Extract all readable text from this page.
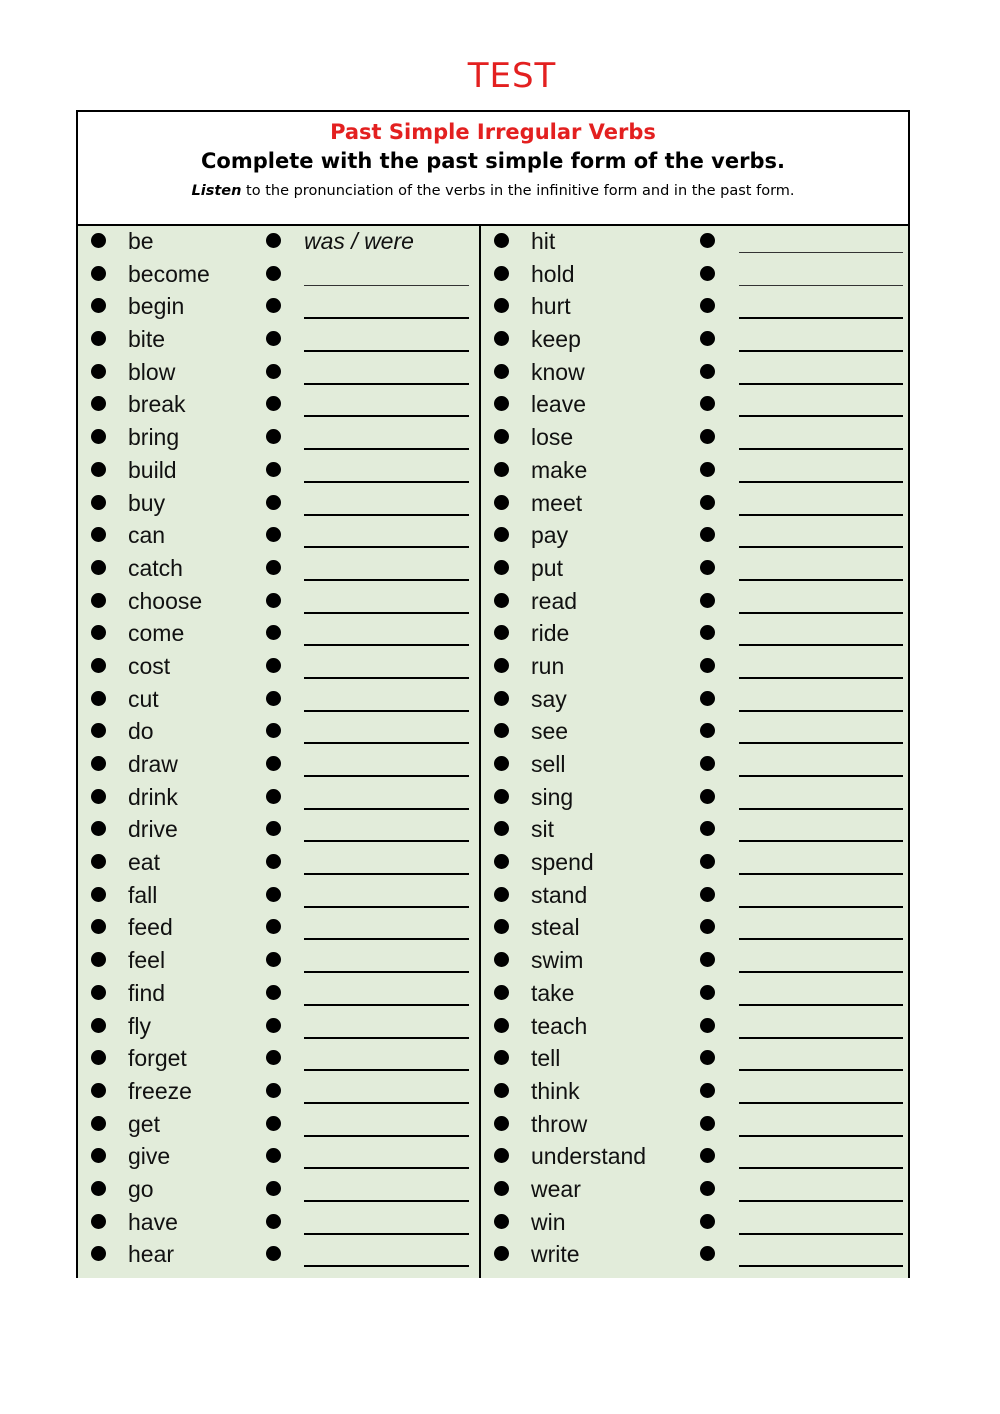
TEST
Past Simple Irregular Verbs
Complete with the past simple form of the verbs.
Listen to the pronunciation of the verbs in the infinitive form and in the past form.
be	was / were
become
begin
bite
blow
break
bring
build
buy
can
catch
choose
come
cost
cut
do
draw
drink
drive
eat
fall
feed
feel
find
fly
forget
freeze
get
give
go
have
hear
hit
hold
hurt
keep
know
leave
lose
make
meet
pay
put
read
ride
run
say
see
sell
sing
sit
spend
stand
steal
swim
take
teach
tell
think
throw
understand
wear
win
write
